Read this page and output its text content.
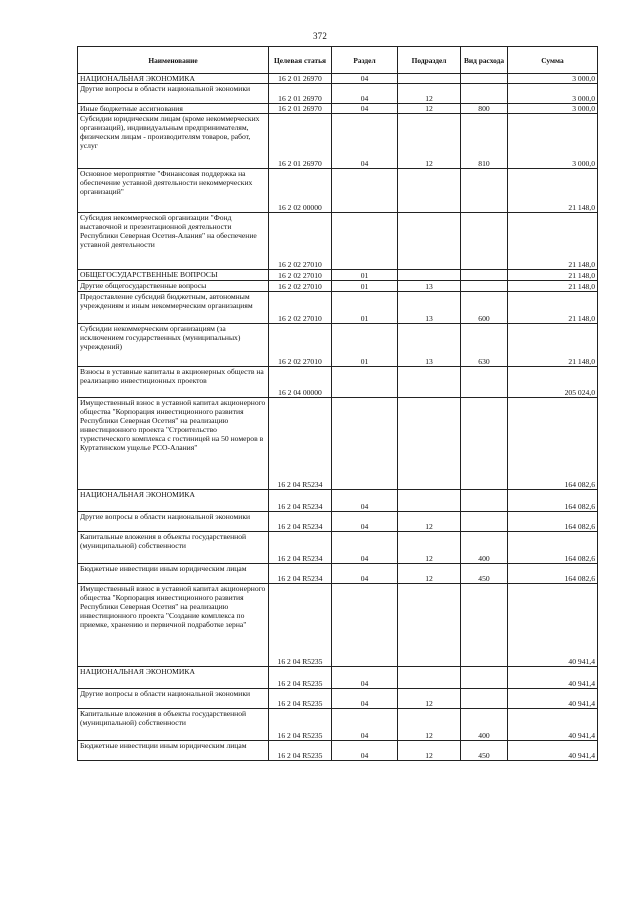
372
Наименование	Целевая статья	Раздел	Подраздел	Вид расхода	Сумма
НАЦИОНАЛЬНАЯ ЭКОНОМИКА	16 2 01 26970	04			3 000,0
Другие вопросы в области национальной экономики	16 2 01 26970	04	12		3 000,0
Иные бюджетные ассигнования	16 2 01 26970	04	12	800	3 000,0
Субсидии юридическим лицам (кроме некоммерческих организаций), индивидуальным предпринимателям, физическим лицам - производителям товаров, работ, услуг	16 2 01 26970	04	12	810	3 000,0
Основное мероприятие "Финансовая поддержка на обеспечение уставной деятельности некоммерческих организаций"	16 2 02 00000				21 148,0
Субсидия некоммерческой организации "Фонд выставочной и презентационной деятельности Республики Северная Осетия-Алания" на обеспечение уставной деятельности	16 2 02 27010				21 148,0
ОБЩЕГОСУДАРСТВЕННЫЕ ВОПРОСЫ	16 2 02 27010	01			21 148,0
Другие общегосударственные вопросы	16 2 02 27010	01	13		21 148,0
Предоставление субсидий бюджетным, автономным учреждениям и иным некоммерческим организациям	16 2 02 27010	01	13	600	21 148,0
Субсидии некоммерческим организациям (за исключением государственных (муниципальных) учреждений)	16 2 02 27010	01	13	630	21 148,0
Взносы в уставные капиталы в акционерных обществ на реализацию инвестиционных проектов	16 2 04 00000				205 024,0
Имущественный взнос в уставной капитал акционерного общества "Корпорация инвестиционного развития Республики Северная Осетия" на реализацию инвестиционного проекта "Строительство туристического комплекса с гостиницей на 50 номеров в Куртатинском ущелье РСО-Алания"	16 2 04 R5234				164 082,6
НАЦИОНАЛЬНАЯ ЭКОНОМИКА	16 2 04 R5234	04			164 082,6
Другие вопросы в области национальной экономики	16 2 04 R5234	04	12		164 082,6
Капитальные вложения в объекты государственной (муниципальной) собственности	16 2 04 R5234	04	12	400	164 082,6
Бюджетные инвестиции иным юридическим лицам	16 2 04 R5234	04	12	450	164 082,6
Имущественный взнос в уставной капитал акционерного общества "Корпорация инвестиционного развития Республики Северная Осетия" на реализацию инвестиционного проекта "Создание комплекса по приемке, хранению и первичной подработке зерна"	16 2 04 R5235				40 941,4
НАЦИОНАЛЬНАЯ ЭКОНОМИКА	16 2 04 R5235	04			40 941,4
Другие вопросы в области национальной экономики	16 2 04 R5235	04	12		40 941,4
Капитальные вложения в объекты государственной (муниципальной) собственности	16 2 04 R5235	04	12	400	40 941,4
Бюджетные инвестиции иным юридическим лицам	16 2 04 R5235	04	12	450	40 941,4
